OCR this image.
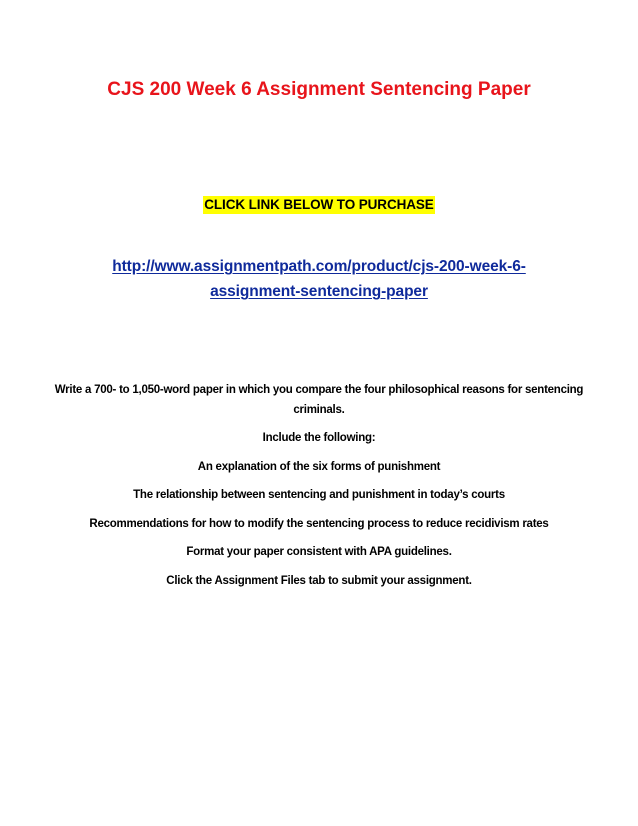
CJS 200 Week 6 Assignment Sentencing Paper
CLICK LINK BELOW TO PURCHASE
http://www.assignmentpath.com/product/cjs-200-week-6-
assignment-sentencing-paper

Write a 700- to 1,050-word paper in which you compare the four philosophical reasons for sentencing criminals.

Include the following:

An explanation of the six forms of punishment

The relationship between sentencing and punishment in today’s courts

Recommendations for how to modify the sentencing process to reduce recidivism rates

Format your paper consistent with APA guidelines.

Click the Assignment Files tab to submit your assignment.
